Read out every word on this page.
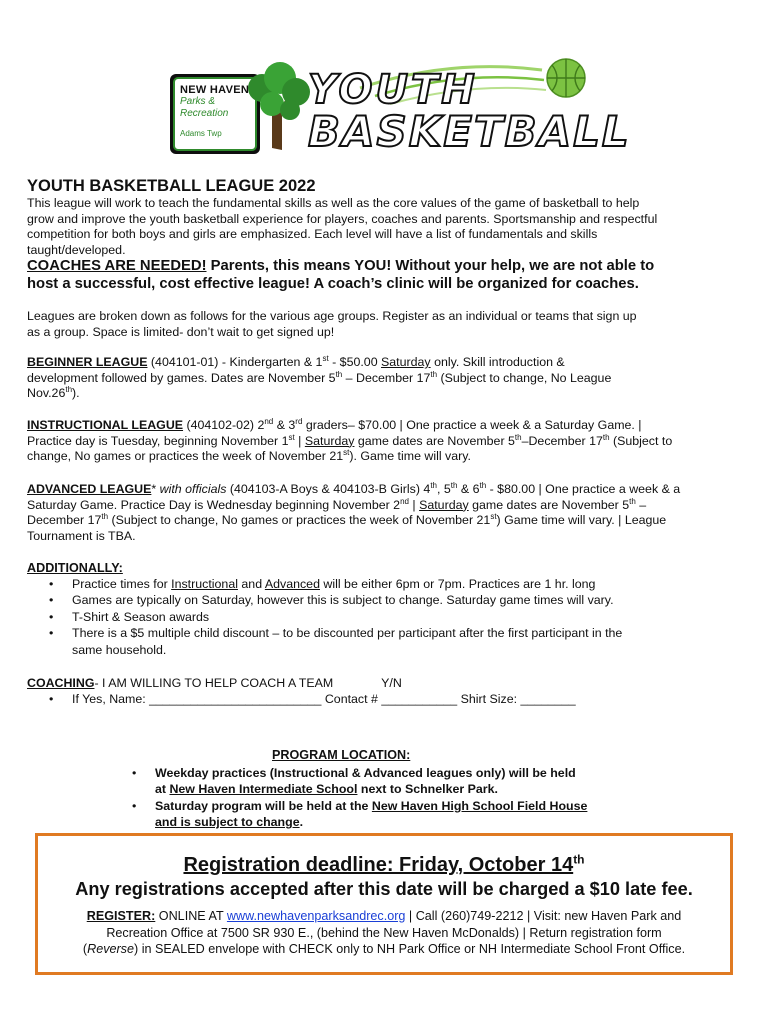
NEW HAVEN
Parks &
Recreation
Adams Twp
YOUTH
BASKETBALL
YOUTH BASKETBALL LEAGUE 2022

This league will work to teach the fundamental skills as well as the core values of the game of basketball to help

grow and improve the youth basketball experience for players, coaches and parents. Sportsmanship and respectful

competition for both boys and girls are emphasized. Each level will have a list of fundamentals and skills

taught/developed.

COACHES ARE NEEDED! Parents, this means YOU! Without your help, we are not able to
host a successful, cost effective league! A coach’s clinic will be organized for coaches.

Leagues are broken down as follows for the various age groups. Register as an individual or teams that sign up

as a group. Space is limited- don’t wait to get signed up!

BEGINNER LEAGUE (404101-01) - Kindergarten & 1st - $50.00 Saturday only. Skill introduction &

development followed by games. Dates are November 5th – December 17th (Subject to change, No League

Nov.26th).

INSTRUCTIONAL LEAGUE (404102-02) 2nd & 3rd graders– $70.00 | One practice a week & a Saturday Game. |

Practice day is Tuesday, beginning November 1st | Saturday game dates are November 5th–December 17th (Subject to

change, No games or practices the week of November 21st). Game time will vary.

ADVANCED LEAGUE* with officials (404103-A Boys & 404103-B Girls) 4th, 5th & 6th - $80.00 | One practice a week & a

Saturday Game. Practice Day is Wednesday beginning November 2nd | Saturday game dates are November 5th –

December 17th (Subject to change, No games or practices the week of November 21st) Game time will vary. | League

Tournament is TBA.

ADDITIONALLY:
• Practice times for Instructional and Advanced will be either 6pm or 7pm. Practices are 1 hr. long
• Games are typically on Saturday, however this is subject to change. Saturday game times will vary.
• T-Shirt & Season awards
• There is a $5 multiple child discount – to be discounted per participant after the first participant in the
same household.
COACHING- I AM WILLING TO HELP COACH A TEAM	Y/N
• If Yes, Name: _________________________ Contact # ___________ Shirt Size: ________
PROGRAM LOCATION:
• Weekday practices (Instructional & Advanced leagues only) will be held
at New Haven Intermediate School next to Schnelker Park.
• Saturday program will be held at the New Haven High School Field House
and is subject to change.
Registration deadline: Friday, October 14th
Any registrations accepted after this date will be charged a $10 late fee.
REGISTER: ONLINE AT www.newhavenparksandrec.org | Call (260)749-2212 | Visit: new Haven Park and
Recreation Office at 7500 SR 930 E., (behind the New Haven McDonalds) | Return registration form
(Reverse) in SEALED envelope with CHECK only to NH Park Office or NH Intermediate School Front Office.
